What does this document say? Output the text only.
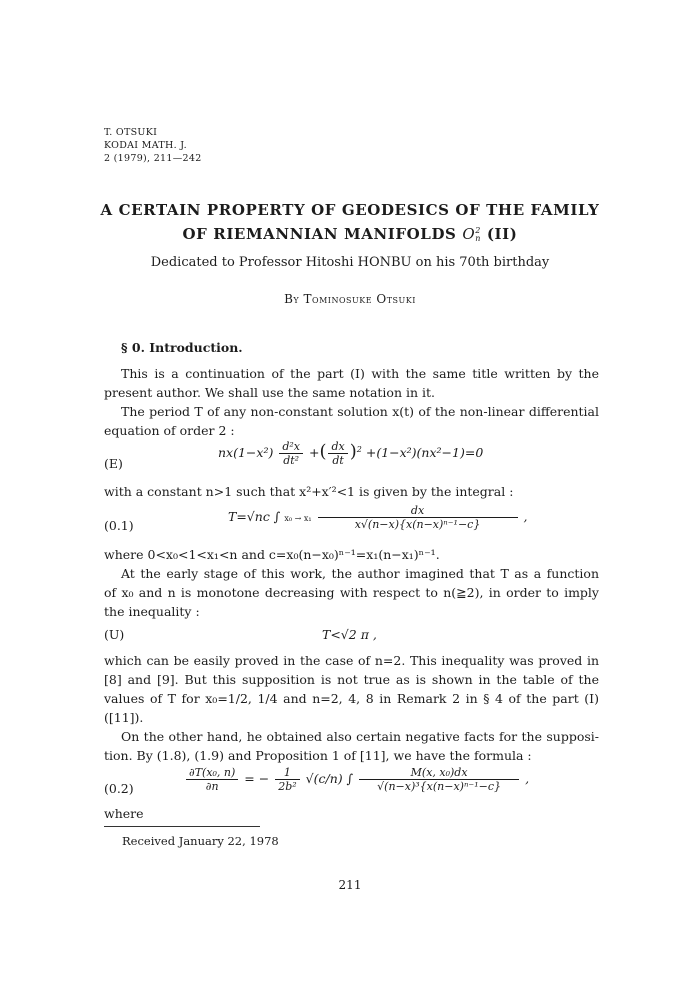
T. OTSUKI
KODAI MATH. J.
2 (1979), 211—242
A CERTAIN PROPERTY OF GEODESICS OF THE FAMILY
OF RIEMANNIAN MANIFOLDS O 2
n (II)
Dedicated to Professor Hitoshi HONBU on his 70th birthday
By Tominosuke Otsuki
§ 0. Introduction.
This is a continuation of the part (I) with the same title written by the
present author. We shall use the same notation in it.
The period T of any non-constant solution x(t) of the non-linear differential
equation of order 2 :
(E)
$nx(1-x^2) \frac{\text{d²x}}{\text{dt²}}$ +( $\frac{dx}{dt} )^2 +(1-x^2)(nx^2-1)=0$
with a constant n>1 such that x²+x′²<1 is given by the integral :
(0.1)
T=√nc ∫ $x_0 \to x_1 \frac{dx}{\text{x√(n−x)\{x(n−x)ⁿ⁻¹−c\}}}$ ,
where 0<x₀<1<x₁<n and c=x₀(n−x₀)ⁿ⁻¹=x₁(n−x₁)ⁿ⁻¹.
At the early stage of this work, the author imagined that T as a function
of x₀ and n is monotone decreasing with respect to n(≧2), in order to imply
the inequality :
(U)	T<√2 π ,
which can be easily proved in the case of n=2. This inequality was proved in
[8] and [9]. But this supposition is not true as is shown in the table of the
values of T for x₀=1/2, 1/4 and n=2, 4, 8 in Remark 2 in § 4 of the part (I)
([11]).
On the other hand, he obtained also certain negative facts for the supposi-
tion. By (1.8), (1.9) and Proposition 1 of [11], we have the formula :
(0.2)	$\frac{\text{∂T(x₀, n)}}{\partial n}$ = − $\frac{1}{\text{2b²}} √(c/n)$ ∫ $\frac{\text{M(x, x₀)dx}}{\text{√(n−x)³\{x(n−x)ⁿ⁻¹−c\}}}$ ,
where
Received January 22, 1978
211
